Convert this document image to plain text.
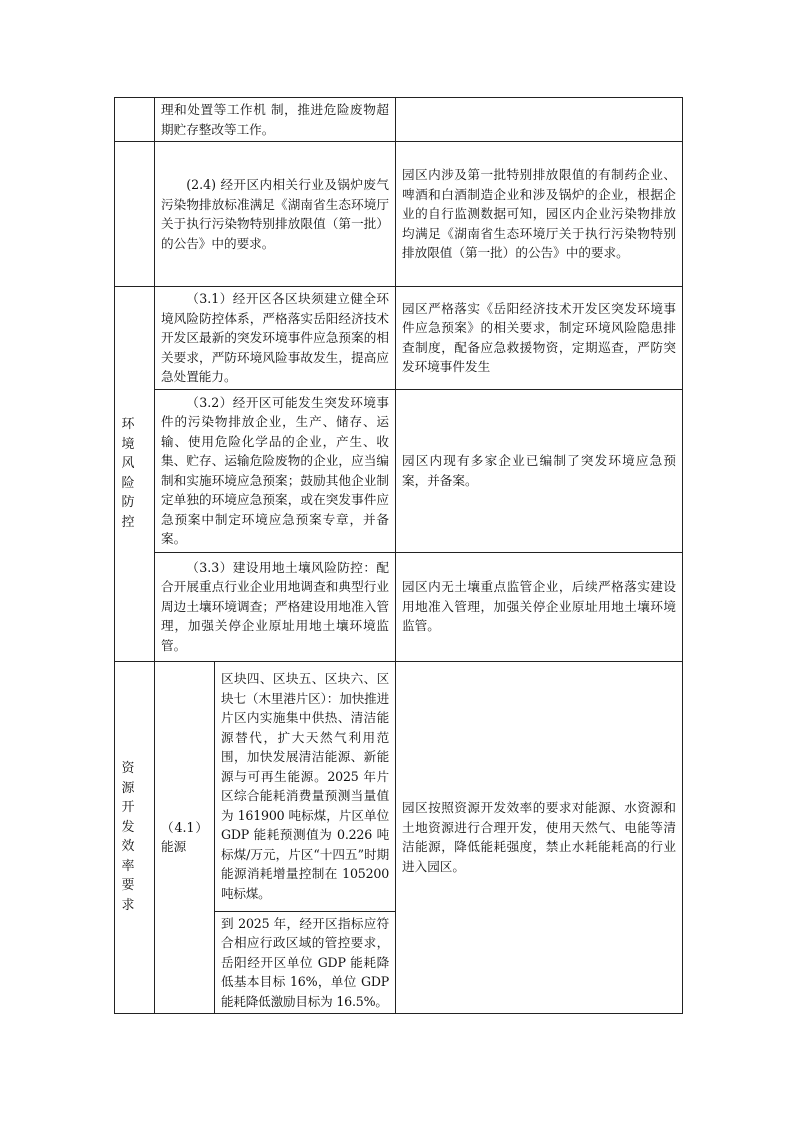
	理和处置等工作机 制，推进危险废物超期贮存整改等工作。		
	(2.4) 经开区内相关行业及锅炉废气污染物排放标准满足《湖南省生态环境厅关于执行污染物特别排放限值（第一批）的公告》中的要求。		园区内涉及第一批特别排放限值的有制药企业、啤酒和白酒制造企业和涉及锅炉的企业，根据企业的自行监测数据可知，园区内企业污染物排放均满足《湖南省生态环境厅关于执行污染物特别排放限值（第一批）的公告》中的要求。
环境风险防控	（3.1）经开区各区块须建立健全环境风险防控体系，严格落实岳阳经济技术开发区最新的突发环境事件应急预案的相关要求，严防环境风险事故发生，提高应急处置能力。		园区严格落实《岳阳经济技术开发区突发环境事件应急预案》的相关要求，制定环境风险隐患排查制度，配备应急救援物资，定期巡查，严防突发环境事件发生
	（3.2）经开区可能发生突发环境事件的污染物排放企业，生产、储存、运输、使用危险化学品的企业，产生、收集、贮存、运输危险废物的企业，应当编制和实施环境应急预案；鼓励其他企业制定单独的环境应急预案，或在突发事件应急预案中制定环境应急预案专章，并备案。		园区内现有多家企业已编制了突发环境应急预案，并备案。
	（3.3）建设用地土壤风险防控：配合开展重点行业企业用地调查和典型行业周边土壤环境调查；严格建设用地准入管理，加强关停企业原址用地土壤环境监管。		园区内无土壤重点监管企业，后续严格落实建设用地准入管理，加强关停企业原址用地土壤环境监管。
资源开发效率要求	（4.1）能源	区块四、区块五、区块六、区块七（木里港片区）：加快推进片区内实施集中供热、清洁能源替代，扩大天然气利用范围，加快发展清洁能源、新能源与可再生能源。2025 年片区综合能耗消费量预测当量值为 161900 吨标煤，片区单位 GDP 能耗预测值为 0.226 吨标煤/万元，片区“十四五”时期能源消耗增量控制在 105200 吨标煤。	园区按照资源开发效率的要求对能源、水资源和土地资源进行合理开发，使用天然气、电能等清洁能源，降低能耗强度，禁止水耗能耗高的行业进入园区。
		到 2025 年，经开区指标应符合相应行政区域的管控要求，岳阳经开区单位 GDP 能耗降低基本目标 16%，单位 GDP 能耗降低激励目标为 16.5%。	
